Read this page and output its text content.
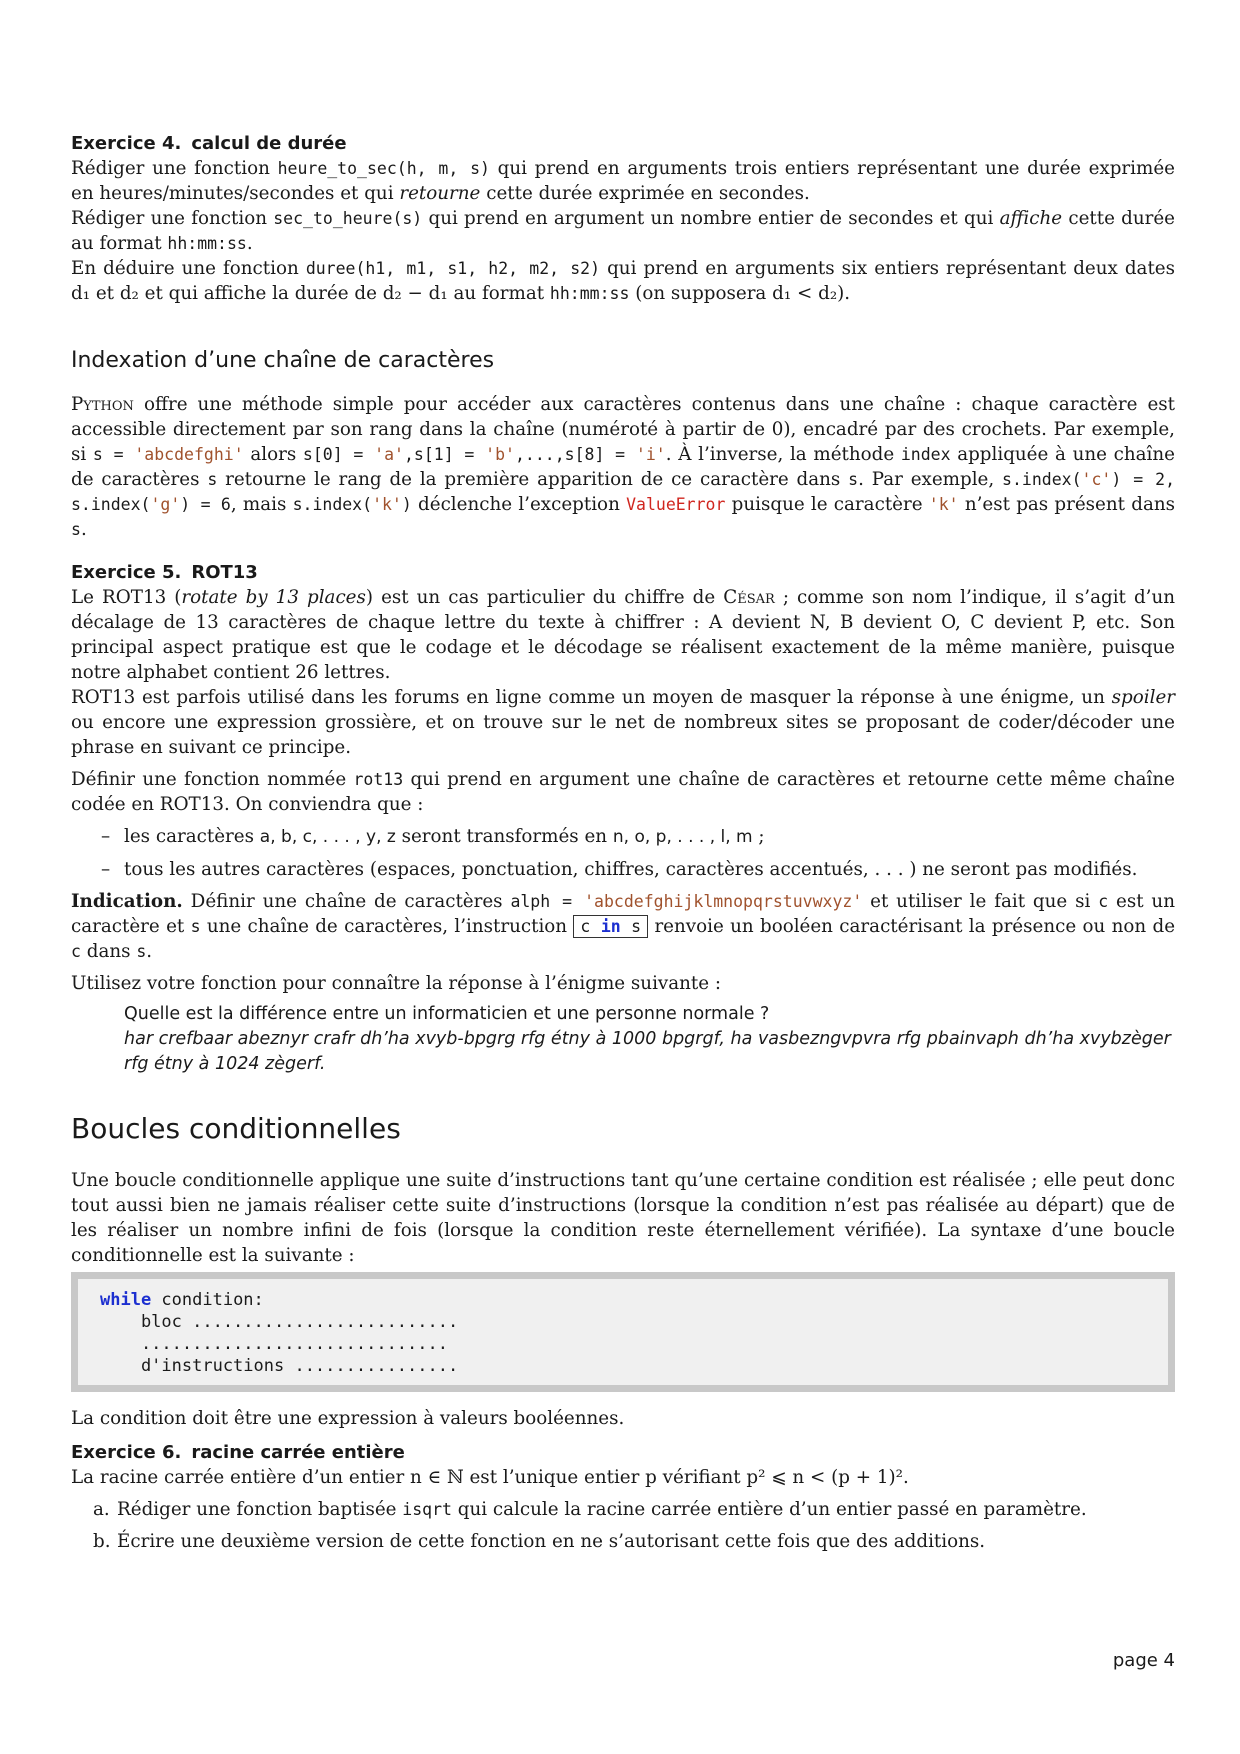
Exercice 4. calcul de durée

Rédiger une fonction heure_to_sec(h, m, s) qui prend en arguments trois entiers représentant une durée exprimée en heures/minutes/secondes et qui retourne cette durée exprimée en secondes.

Rédiger une fonction sec_to_heure(s) qui prend en argument un nombre entier de secondes et qui affiche cette durée au format hh:mm:ss.

En déduire une fonction duree(h1, m1, s1, h2, m2, s2) qui prend en arguments six entiers représentant deux dates d₁ et d₂ et qui affiche la durée de d₂ − d₁ au format hh:mm:ss (on supposera d₁ < d₂).

Indexation d’une chaîne de caractères

Python offre une méthode simple pour accéder aux caractères contenus dans une chaîne : chaque caractère est accessible directement par son rang dans la chaîne (numéroté à partir de 0), encadré par des crochets. Par exemple, si s = 'abcdefghi' alors s[0] = 'a',s[1] = 'b',...,s[8] = 'i'. À l’inverse, la méthode index appliquée à une chaîne de caractères s retourne le rang de la première apparition de ce caractère dans s. Par exemple, s.index('c') = 2, s.index('g') = 6, mais s.index('k') déclenche l’exception ValueError puisque le caractère 'k' n’est pas présent dans s.

Exercice 5. ROT13

Le ROT13 (rotate by 13 places) est un cas particulier du chiffre de César ; comme son nom l’indique, il s’agit d’un décalage de 13 caractères de chaque lettre du texte à chiffrer : A devient N, B devient O, C devient P, etc. Son principal aspect pratique est que le codage et le décodage se réalisent exactement de la même manière, puisque notre alphabet contient 26 lettres.

ROT13 est parfois utilisé dans les forums en ligne comme un moyen de masquer la réponse à une énigme, un spoiler ou encore une expression grossière, et on trouve sur le net de nombreux sites se proposant de coder/décoder une phrase en suivant ce principe.

Définir une fonction nommée rot13 qui prend en argument une chaîne de caractères et retourne cette même chaîne codée en ROT13. On conviendra que :

– les caractères a, b, c, . . . , y, z seront transformés en n, o, p, . . . , l, m ;
– tous les autres caractères (espaces, ponctuation, chiffres, caractères accentués, . . . ) ne seront pas modifiés.

Indication. Définir une chaîne de caractères alph = 'abcdefghijklmnopqrstuvwxyz' et utiliser le fait que si c est un caractère et s une chaîne de caractères, l’instruction c in s renvoie un booléen caractérisant la présence ou non de c dans s.

Utilisez votre fonction pour connaître la réponse à l’énigme suivante :

Quelle est la différence entre un informaticien et une personne normale ?
har crefbaar abeznyr crafr dh’ha xvyb-bpgrg rfg étny à 1000 bpgrgf, ha vasbezngvpvra rfg pbainvaph dh’ha xvybzèger rfg étny à 1024 zègerf.
Boucles conditionnelles

Une boucle conditionnelle applique une suite d’instructions tant qu’une certaine condition est réalisée ; elle peut donc tout aussi bien ne jamais réaliser cette suite d’instructions (lorsque la condition n’est pas réalisée au départ) que de les réaliser un nombre infini de fois (lorsque la condition reste éternellement vérifiée). La syntaxe d’une boucle conditionnelle est la suivante :

while condition:
bloc ..........................
..............................
d'instructions ................

La condition doit être une expression à valeurs booléennes.

Exercice 6. racine carrée entière

La racine carrée entière d’un entier n ∈ ℕ est l’unique entier p vérifiant p² ⩽ n < (p + 1)².

a. Rédiger une fonction baptisée isqrt qui calcule la racine carrée entière d’un entier passé en paramètre.
b. Écrire une deuxième version de cette fonction en ne s’autorisant cette fois que des additions.
page 4
